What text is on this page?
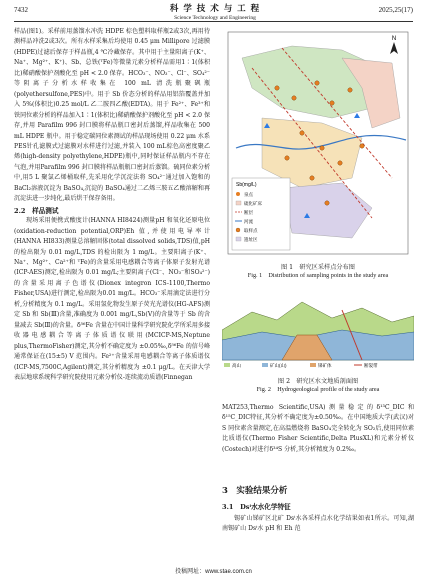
7432	科 学 技 术 与 工 程
Science Technology and Engineering
2025,25(17)

样品(图1)。采样前用蒸馏水冲洗 HDPE 棕色塑料取样瓶2或3次,再用待测样品冲洗2或3次。所有水样采集后均使用 0.45 μm Millipore 过滤膜(HDPE)过滤后保存于样品瓶,4 ℃冷藏保存。其中用于主量阳离子(K⁺、Na⁺、Mg²⁺、K⁺)、Sb、总铁(ᵀFe)等微量元素分析样品需用1∶1(体积比)稀硝酸保护剂酸化至 pH < 2.0 保存。HCO₃⁻、NO₃⁻、Cl⁻、SO₄²⁻等阴离子分析水样收集在 100 mL 清洗瓶聚砜瓶(polyethersulfone,PES)中。用于 Sb 价态分析的样品用铝箔覆盖并加入 5%(体积比)0.25 mol/L 乙二胺四乙酸(EDTA)。用于 Fe²⁺、Fe³⁺和铁同位素分析的样品加入1∶1(体积比)稀硝酸保护剂酸化至 pH < 2.0 保存,并用 Parafilm 996 封口膜将样品瓶口密封后蒸馏,样品收集在 500 mL HDPE 瓶中。用于稳定碳同位素测试的样品现场使用 0.22 μm 水系 PES针孔滤膜式过滤膜对水样进行过滤,并装入 100 mL棕色高密度聚乙烯(high-density polyethylene,HDPE)瓶中,同时保证样品瓶内不存在气泡,并用Parafilm 996 封口膜将样品瓶瓶口密封后蒸馏。硫同位素分析中,用5 L 聚氯乙烯桶取样,先采用化学沉淀法将 SO₄²⁻通过加入饱和的 BaCl₂溶液沉淀为 BaSO₄,沉淀的 BaSO₄通过二乙烯三胺五乙酸溶解和再沉淀法进一步纯化,最后烘干保存备用。

2.2　样品测试

现场采用便携式酸度计(HANNA HI8424)测量pH 和氧化还原电位(oxidation-reduction potential,ORP)Eh 值,并使用电导率计(HANNA HI833)测量总溶解固体(total dissolved solids,TDS)值,pH 的检出限为 0.01 mg/L,TDS 的检出限为 1 mg/L。主要阳离子(K⁺、Na⁺、Mg²⁺、Ca²⁺和 ᵀFe)的含量采用电感耦合等离子体原子发射光谱(ICP-AES)测定,检出限为 0.01 mg/L;主要阴离子(Cl⁻、NO₃⁻和SO₄²⁻)的含量采用离子色谱仪(Dionex integron ICS-1100,Thermo Fisher,USA)进行测定,检出限为0.01 mg/L。HCO₃⁻采用滴定法进行分析,分析精度为 0.1 mg/L。采用氢化物发生原子荧光光谱仪(HG-AFS)测定 Sb 和 Sb(Ⅲ)含量,准确度为 0.001 mg/L,Sb(Ⅴ)的含量等于 Sb 的含量减去 Sb(Ⅲ)的含量。δ⁵⁶Fe 含量在中国计量科学研究院化学所采用多接收器电感耦合等离子体质谱仪联用(MCICP-MS,Neptune plus,ThermoFisher)测定,其分析不确定度为 ±0.05‰,δ⁵⁶Fe 的信号峰通常保证在(15±5) V 范围内。Fe²⁺含量采用电感耦合等离子体质谱仪(ICP-MS,7500C,Agilent)测定,其分析精度为 ±0.1 μg/L。在天津大学表层地球系统科学研究院使用元素分析仪-连续流动质谱(Finnegan

N
Sb(mg/L)
泉点
硫化矿床
断层
河流
取样点
遗址区
图 1　研究区采样点分布图
Fig. 1　Distribution of sampling points in the study area
高山	矿山(山)	锑矿体	断裂带
图 2　研究区水文地质剖面图
Fig. 2　Hydrogeological profile of the study area

MAT253,Thermo Scientific,USA)测量稳定的δ¹³C_DIC和δ¹⁵C_DIC特征,其分析不确定度为±0.50‰。在中国地质大学(武汉)对 S 同位素含量测定,在高温燃烧将 BaSO₄完全转化为 SO₂后,使用同位素比质谱仪(Thermo Fisher Scientific,Delta PlusXL)和元素分析仪(Costech)对进行δ³⁴S 分析,其分析精度为 0.2‰。

3　实验结果分析
3.1　Dsⁱ水水化学特征

锡矿山锑矿区北矿 Dsⁱ水各采样点水化学结果如表1所示。可知,湖南锡矿山 Dsⁱ水 pH 和 Eh 范

投稿网址：www.stae.com.cn
